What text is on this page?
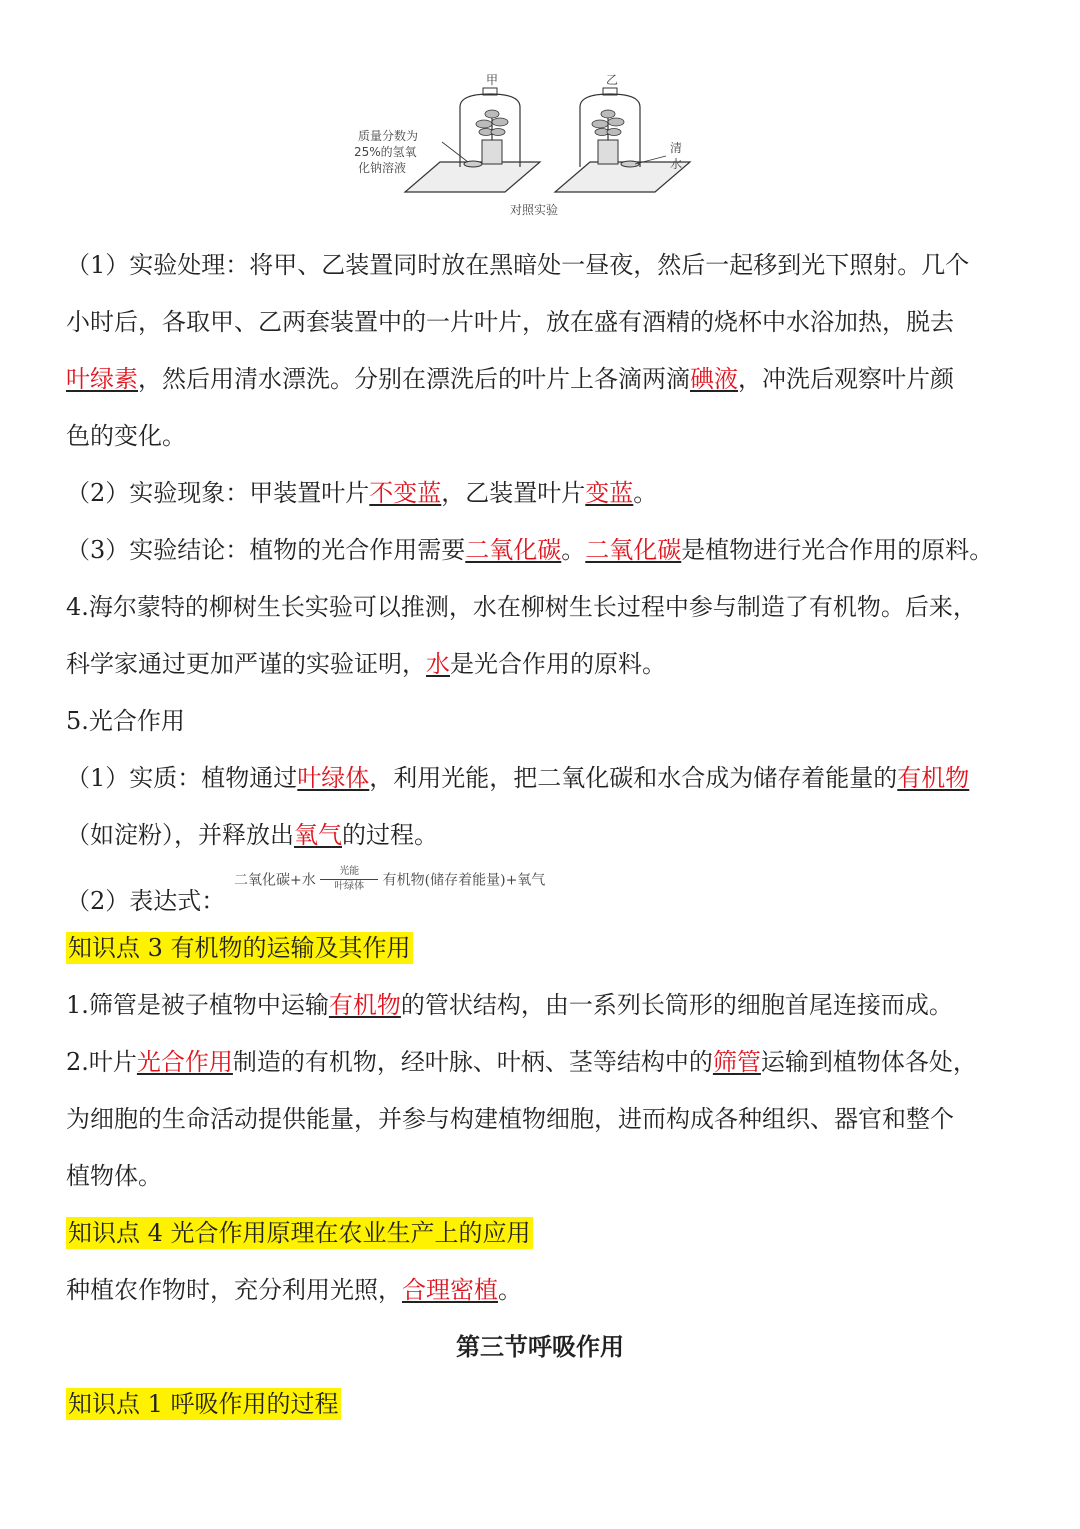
甲	乙
质量分数为
25%的氢氧
化钠溶液
清
水
对照实验
（1）实验处理：将甲、乙装置同时放在黑暗处一昼夜，然后一起移到光下照射。几个
小时后，各取甲、乙两套装置中的一片叶片，放在盛有酒精的烧杯中水浴加热，脱去
叶绿素，然后用清水漂洗。分别在漂洗后的叶片上各滴两滴碘液，冲洗后观察叶片颜
色的变化。
（2）实验现象：甲装置叶片不变蓝，乙装置叶片变蓝。
（3）实验结论：植物的光合作用需要二氧化碳。二氧化碳是植物进行光合作用的原料。
4.海尔蒙特的柳树生长实验可以推测，水在柳树生长过程中参与制造了有机物。后来，
科学家通过更加严谨的实验证明，水是光合作用的原料。
5.光合作用
（1）实质：植物通过叶绿体，利用光能，把二氧化碳和水合成为储存着能量的有机物
（如淀粉），并释放出氧气的过程。
（2）表达式：
二氧化碳+水 $\frac{\text{光能}}{\text{叶绿体}}$ 有机物(储存着能量)+氧气
知识点 3 有机物的运输及其作用
1.筛管是被子植物中运输有机物的管状结构，由一系列长筒形的细胞首尾连接而成。
2.叶片光合作用制造的有机物，经叶脉、叶柄、茎等结构中的筛管运输到植物体各处，
为细胞的生命活动提供能量，并参与构建植物细胞，进而构成各种组织、器官和整个
植物体。
知识点 4 光合作用原理在农业生产上的应用
种植农作物时，充分利用光照，合理密植。
第三节呼吸作用
知识点 1 呼吸作用的过程
